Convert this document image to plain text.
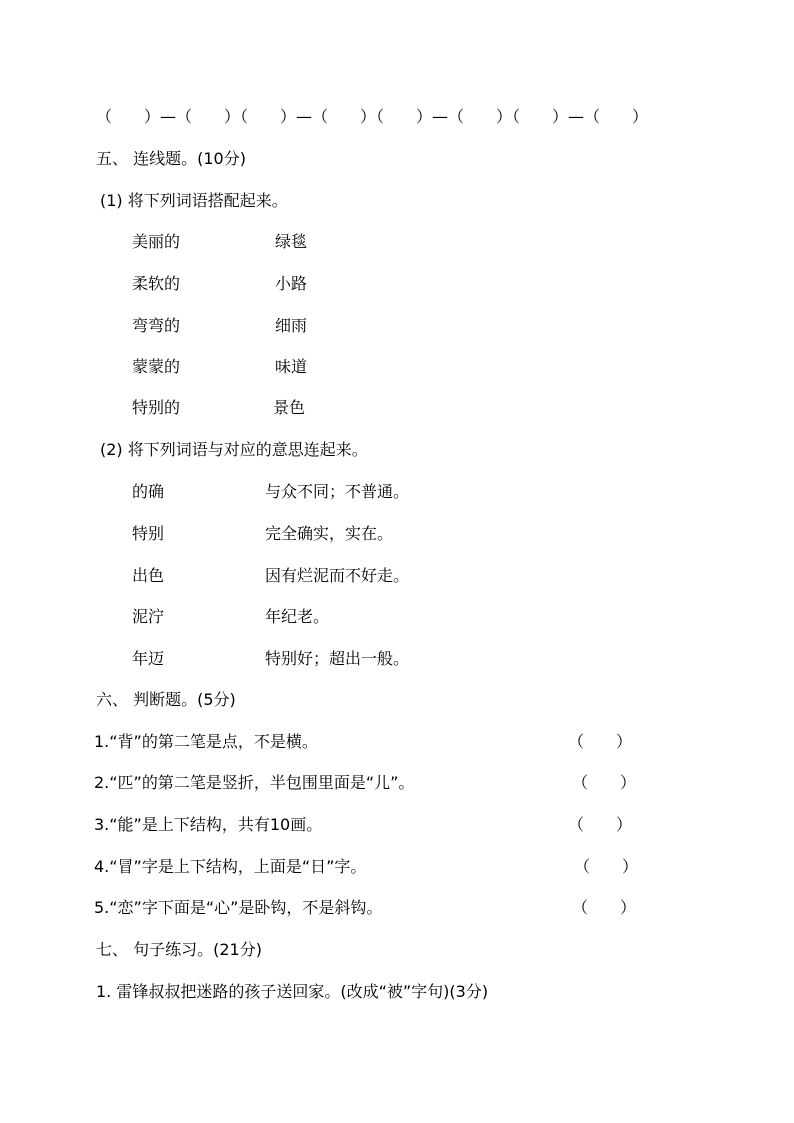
（　　）—（　　）（　　）—（　　）（　　）—（　　）（　　）—（　　）
五、 连线题。(10分)
(1) 将下列词语搭配起来。
美丽的	绿毯
柔软的	小路
弯弯的	细雨
蒙蒙的	味道
特别的	景色
(2) 将下列词语与对应的意思连起来。
的确	与众不同；不普通。
特别	完全确实，实在。
出色	因有烂泥而不好走。
泥泞	年纪老。
年迈	特别好；超出一般。
六、 判断题。(5分)
1.“背”的第二笔是点，不是横。	（　　）
2.“匹”的第二笔是竖折，半包围里面是“儿”。	（　　）
3.“能”是上下结构，共有10画。	（　　）
4.“冒”字是上下结构，上面是“日”字。	（　　）
5.“恋”字下面是“心”是卧钩，不是斜钩。	（　　）
七、 句子练习。(21分)
1. 雷锋叔叔把迷路的孩子送回家。(改成“被”字句)(3分)
